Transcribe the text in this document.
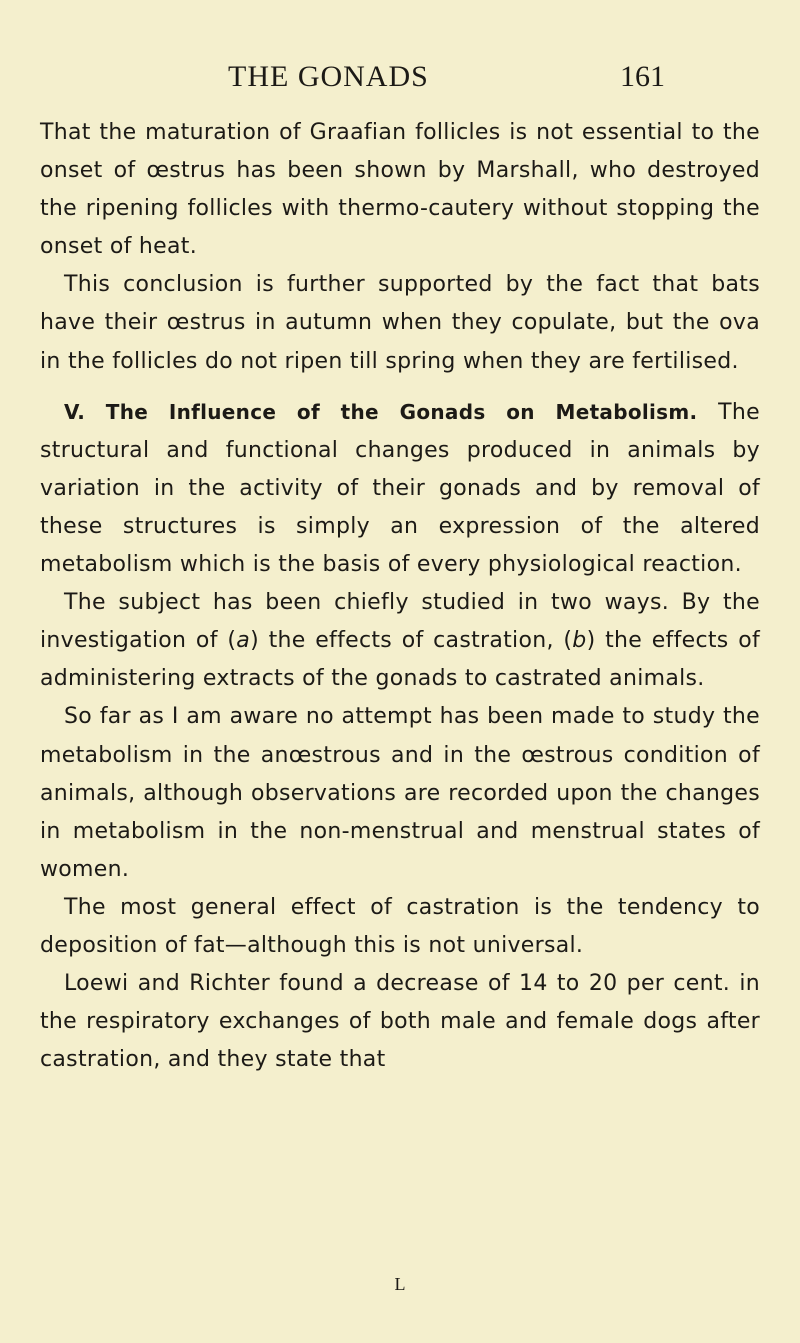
THE GONADS	161

That the maturation of Graafian follicles is not essential to the onset of œstrus has been shown by Marshall, who destroyed the ripening follicles with thermo-cautery without stopping the onset of heat.

This conclusion is further supported by the fact that bats have their œstrus in autumn when they copulate, but the ova in the follicles do not ripen till spring when they are fertilised.

V. The Influence of the Gonads on Metabolism. The structural and functional changes produced in animals by variation in the activity of their gonads and by removal of these structures is simply an expression of the altered metabolism which is the basis of every physiological reaction.

The subject has been chiefly studied in two ways. By the investigation of (a) the effects of castration, (b) the effects of administering extracts of the gonads to castrated animals.

So far as I am aware no attempt has been made to study the metabolism in the anœstrous and in the œstrous condition of animals, although observations are recorded upon the changes in metabolism in the non-menstrual and menstrual states of women.

The most general effect of castration is the tendency to deposition of fat—although this is not universal.

Loewi and Richter found a decrease of 14 to 20 per cent. in the respiratory exchanges of both male and female dogs after castration, and they state that

L
